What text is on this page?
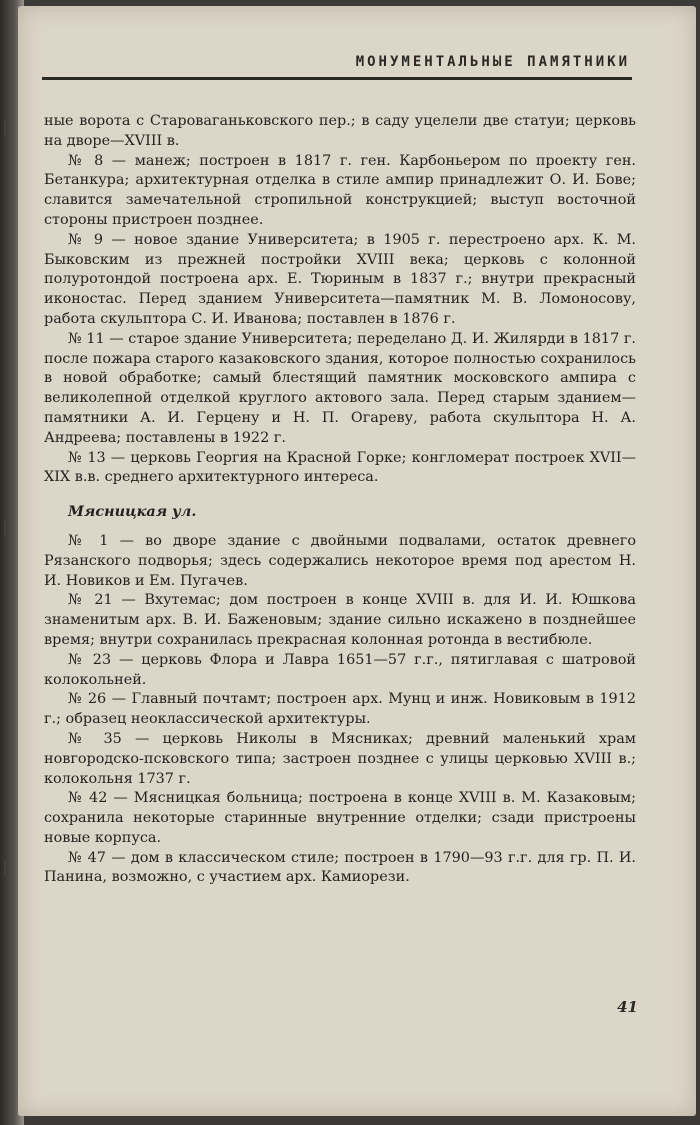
МОНУМЕНТАЛЬНЫЕ ПАМЯТНИКИ

ные ворота с Староваганьковского пер.; в саду уцелели две статуи; церковь на дворе—XVIII в.

№ 8 — манеж; построен в 1817 г. ген. Карбоньером по проекту ген. Бетанкура; архитектурная отделка в стиле ампир принадлежит О. И. Бове; славится замечательной стропильной конструкцией; выступ восточной стороны пристроен позднее.

№ 9 — новое здание Университета; в 1905 г. перестроено арх. К. М. Быковским из прежней постройки XVIII века; церковь с колонной полуротондой построена арх. Е. Тюриным в 1837 г.; внутри прекрасный иконостас. Перед зданием Университета—памятник М. В. Ломоносову, работа скульптора С. И. Иванова; поставлен в 1876 г.

№ 11 — старое здание Университета; переделано Д. И. Жилярди в 1817 г. после пожара старого казаковского здания, которое полностью сохранилось в новой обработке; самый блестящий памятник московского ампира с великолепной отделкой круглого актового зала. Перед старым зданием—памятники А. И. Герцену и Н. П. Огареву, работа скульптора Н. А. Андреева; поставлены в 1922 г.

№ 13 — церковь Георгия на Красной Горке; конгломерат построек XVII—XIX в.в. среднего архитектурного интереса.

Мясницкая ул.

№ 1 — во дворе здание с двойными подвалами, остаток древнего Рязанского подворья; здесь содержались некоторое время под арестом Н. И. Новиков и Ем. Пугачев.

№ 21 — Вхутемас; дом построен в конце XVIII в. для И. И. Юшкова знаменитым арх. В. И. Баженовым; здание сильно искажено в позднейшее время; внутри сохранилась прекрасная колонная ротонда в вестибюле.

№ 23 — церковь Флора и Лавра 1651—57 г.г., пятиглавая с шатровой колокольней.

№ 26 — Главный почтамт; построен арх. Мунц и инж. Новиковым в 1912 г.; образец неоклассической архитектуры.

№ 35 — церковь Николы в Мясниках; древний маленький храм новгородско-псковского типа; застроен позднее с улицы церковью XVIII в.; колокольня 1737 г.

№ 42 — Мясницкая больница; построена в конце XVIII в. М. Казаковым; сохранила некоторые старинные внутренние отделки; сзади пристроены новые корпуса.

№ 47 — дом в классическом стиле; построен в 1790—93 г.г. для гр. П. И. Панина, возможно, с участием арх. Камиорези.

41
